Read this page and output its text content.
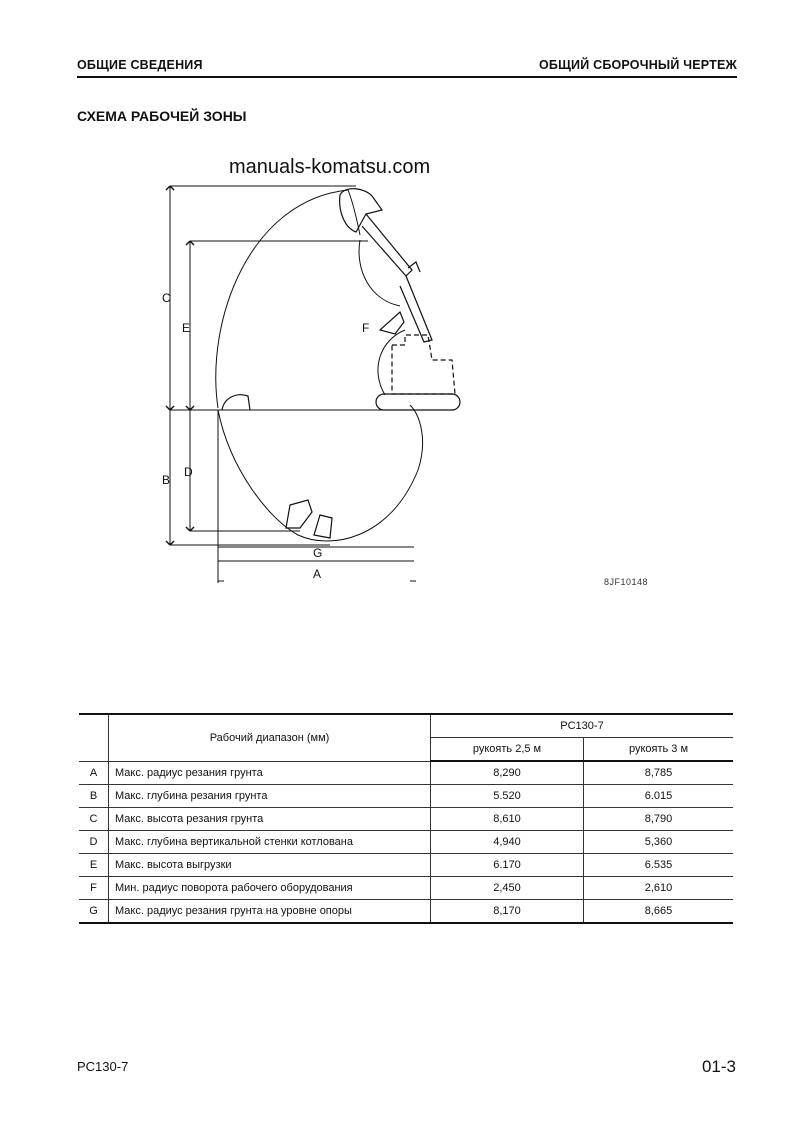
ОБЩИЕ СВЕДЕНИЯ	ОБЩИЙ СБОРОЧНЫЙ ЧЕРТЕЖ
СХЕМА РАБОЧЕЙ ЗОНЫ
manuals-komatsu.com
C
E	F
D
B
G
A
8JF10148
	Рабочий диапазон (мм)	PC130-7	
		рукоять 2,5 м	рукоять 3 м
A	Макс. радиус резания грунта	8,290	8,785
B	Макс. глубина резания грунта	5.520	6.015
C	Макс. высота резания грунта	8,610	8,790
D	Макс. глубина вертикальной стенки котлована	4,940	5,360
E	Макс. высота выгрузки	6.170	6.535
F	Мин. радиус поворота рабочего оборудования	2,450	2,610
G	Макс. радиус резания грунта на уровне опоры	8,170	8,665
PC130-7	01-3
